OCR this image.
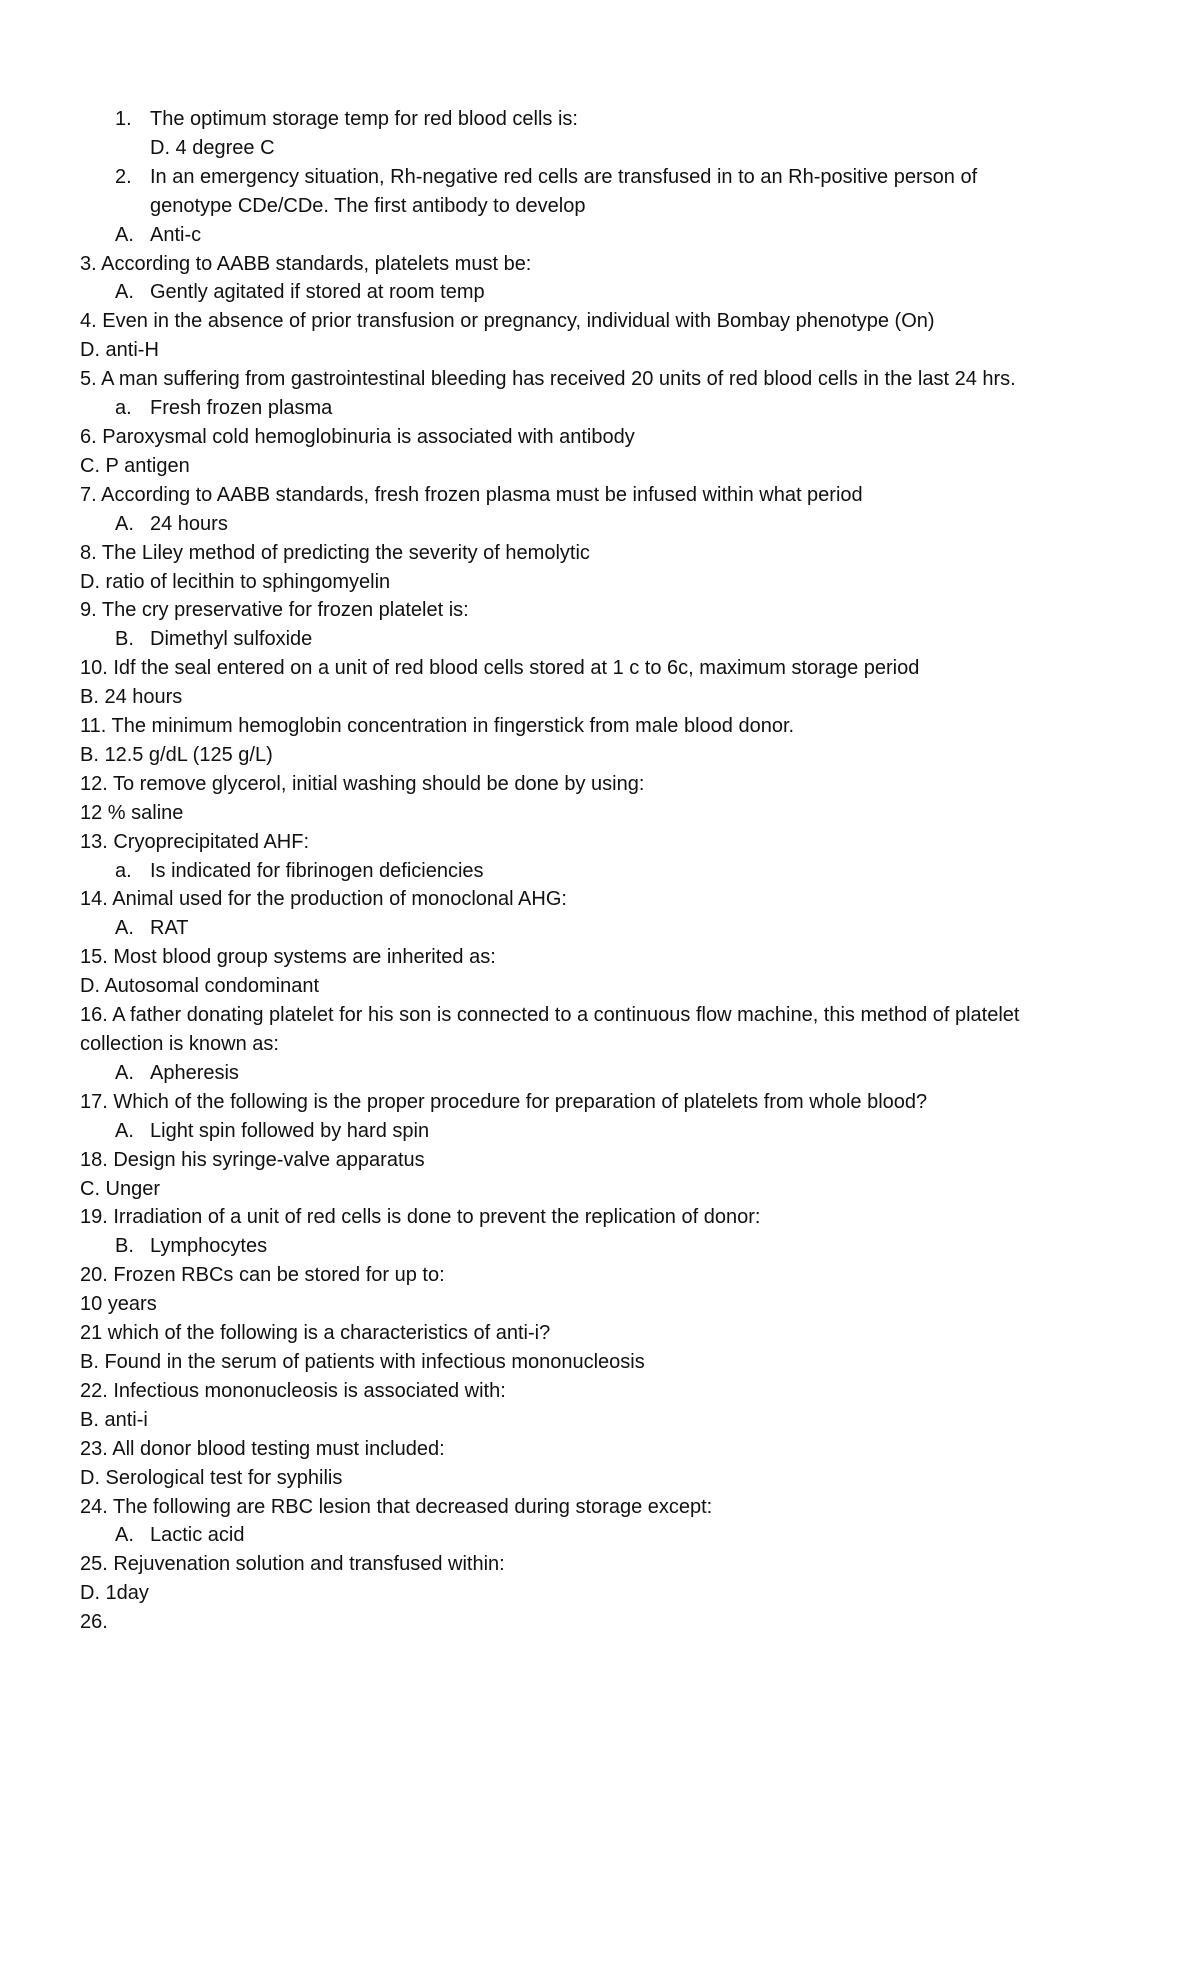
1. The optimum storage temp for red blood cells is:
D. 4 degree C
2. In an emergency situation, Rh-negative red cells are transfused in to an Rh-positive person of
genotype CDe/CDe. The first antibody to develop
A. Anti-c
3. According to AABB standards, platelets must be:
A. Gently agitated if stored at room temp
4. Even in the absence of prior transfusion or pregnancy, individual with Bombay phenotype (On)
D. anti-H
5. A man suffering from gastrointestinal bleeding has received 20 units of red blood cells in the last 24 hrs.
a. Fresh frozen plasma
6. Paroxysmal cold hemoglobinuria is associated with antibody
C. P antigen
7. According to AABB standards, fresh frozen plasma must be infused within what period
A. 24 hours
8. The Liley method of predicting the severity of hemolytic
D. ratio of lecithin to sphingomyelin
9. The cry preservative for frozen platelet is:
B. Dimethyl sulfoxide
10. Idf the seal entered on a unit of red blood cells stored at 1 c to 6c, maximum storage period
B. 24 hours
11. The minimum hemoglobin concentration in fingerstick from male blood donor.
B. 12.5 g/dL (125 g/L)
12. To remove glycerol, initial washing should be done by using:
12 % saline
13. Cryoprecipitated AHF:
a. Is indicated for fibrinogen deficiencies
14. Animal used for the production of monoclonal AHG:
A. RAT
15. Most blood group systems are inherited as:
D. Autosomal condominant
16. A father donating platelet for his son is connected to a continuous flow machine, this method of platelet
collection is known as:
A. Apheresis
17. Which of the following is the proper procedure for preparation of platelets from whole blood?
A. Light spin followed by hard spin
18. Design his syringe-valve apparatus
C. Unger
19. Irradiation of a unit of red cells is done to prevent the replication of donor:
B. Lymphocytes
20. Frozen RBCs can be stored for up to:
10 years
21 which of the following is a characteristics of anti-i?
B. Found in the serum of patients with infectious mononucleosis
22. Infectious mononucleosis is associated with:
B. anti-i
23. All donor blood testing must included:
D. Serological test for syphilis
24. The following are RBC lesion that decreased during storage except:
A. Lactic acid
25. Rejuvenation solution and transfused within:
D. 1day
26.
